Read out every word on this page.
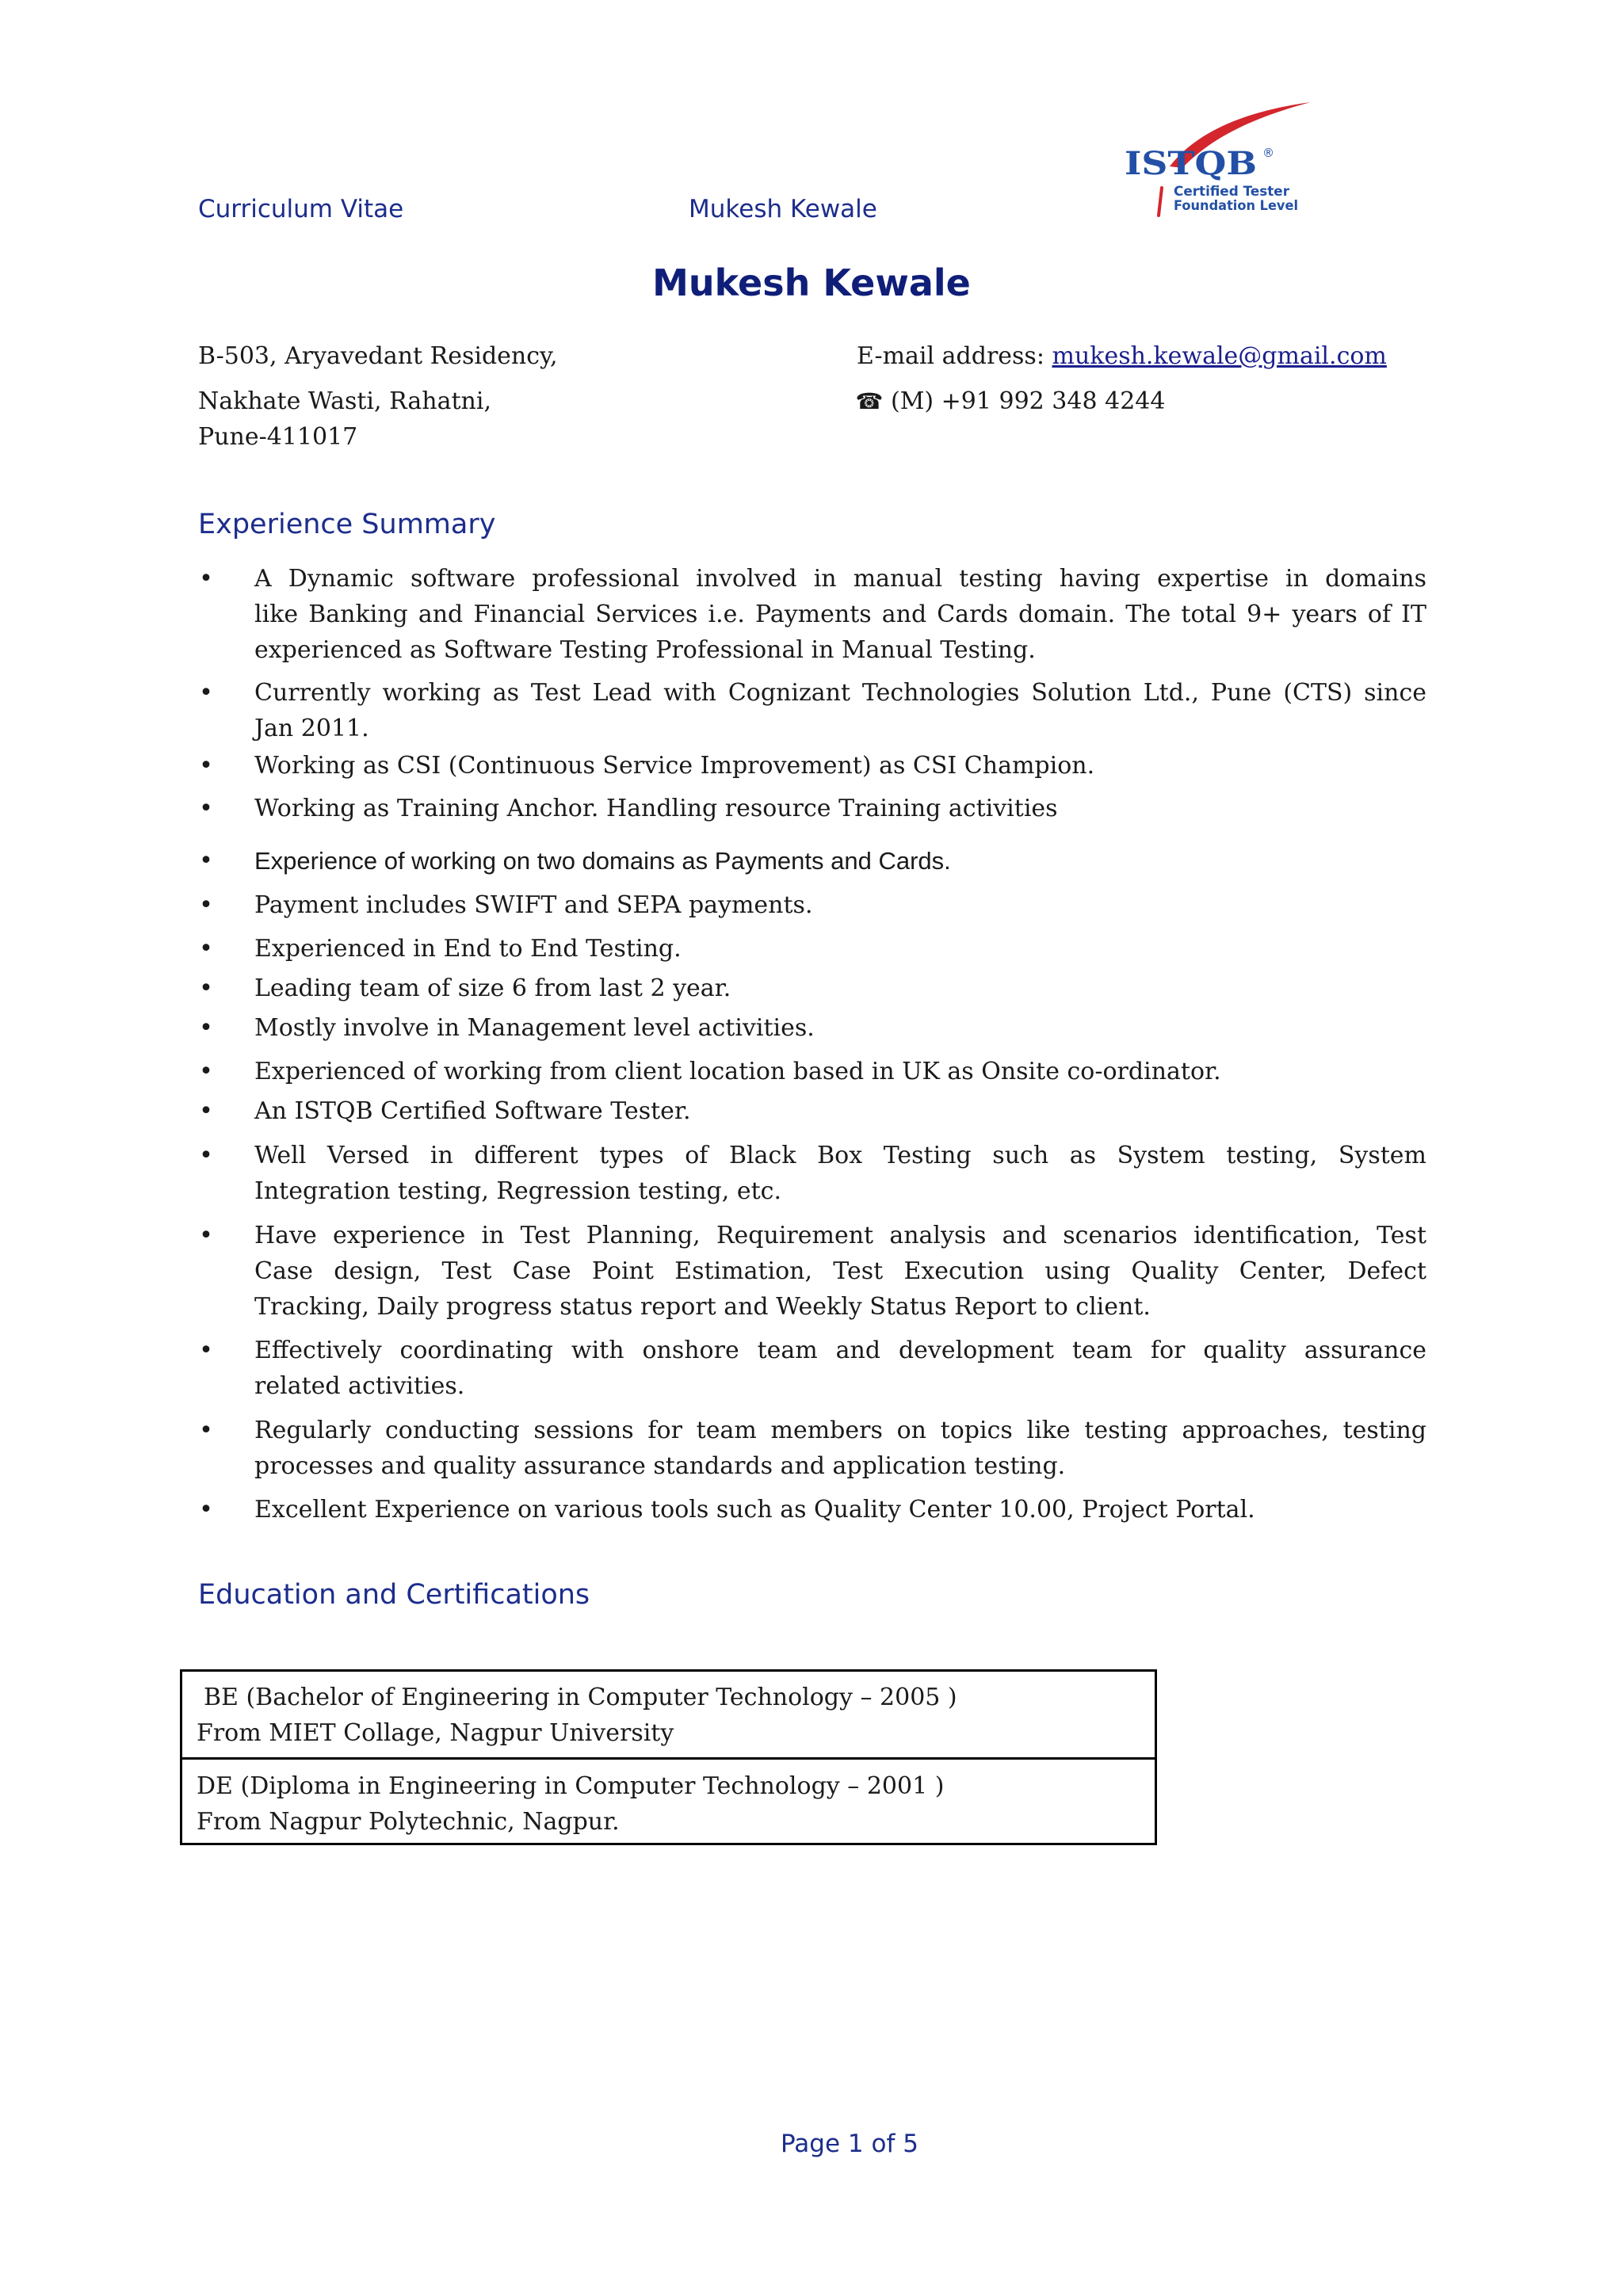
Curriculum Vitae	Mukesh Kewale
ISTQB ®
Certified Tester
Foundation Level
Mukesh Kewale
B-503, Aryavedant Residency,
Nakhate Wasti, Rahatni,
Pune-411017
E-mail address: mukesh.kewale@gmail.com
☎ (M) +91 992 348 4244
Experience Summary
• A Dynamic software professional involved in manual testing having expertise in domains
like Banking and Financial Services i.e. Payments and Cards domain. The total 9+ years of IT
experienced as Software Testing Professional in Manual Testing.
• Currently working as Test Lead with Cognizant Technologies Solution Ltd., Pune (CTS) since
Jan 2011.
• Working as CSI (Continuous Service Improvement) as CSI Champion.
• Working as Training Anchor. Handling resource Training activities
• Experience of working on two domains as Payments and Cards.
• Payment includes SWIFT and SEPA payments.
• Experienced in End to End Testing.
• Leading team of size 6 from last 2 year.
• Mostly involve in Management level activities.
• Experienced of working from client location based in UK as Onsite co-ordinator.
• An ISTQB Certified Software Tester.
• Well Versed in different types of Black Box Testing such as System testing, System
Integration testing, Regression testing, etc.
• Have experience in Test Planning, Requirement analysis and scenarios identification, Test
Case design, Test Case Point Estimation, Test Execution using Quality Center, Defect
Tracking, Daily progress status report and Weekly Status Report to client.
• Effectively coordinating with onshore team and development team for quality assurance
related activities.
• Regularly conducting sessions for team members on topics like testing approaches, testing
processes and quality assurance standards and application testing.
• Excellent Experience on various tools such as Quality Center 10.00, Project Portal.
Education and Certifications
BE (Bachelor of Engineering in Computer Technology – 2005 )
From MIET Collage, Nagpur University
DE (Diploma in Engineering in Computer Technology – 2001 )
From Nagpur Polytechnic, Nagpur.
Page 1 of 5
